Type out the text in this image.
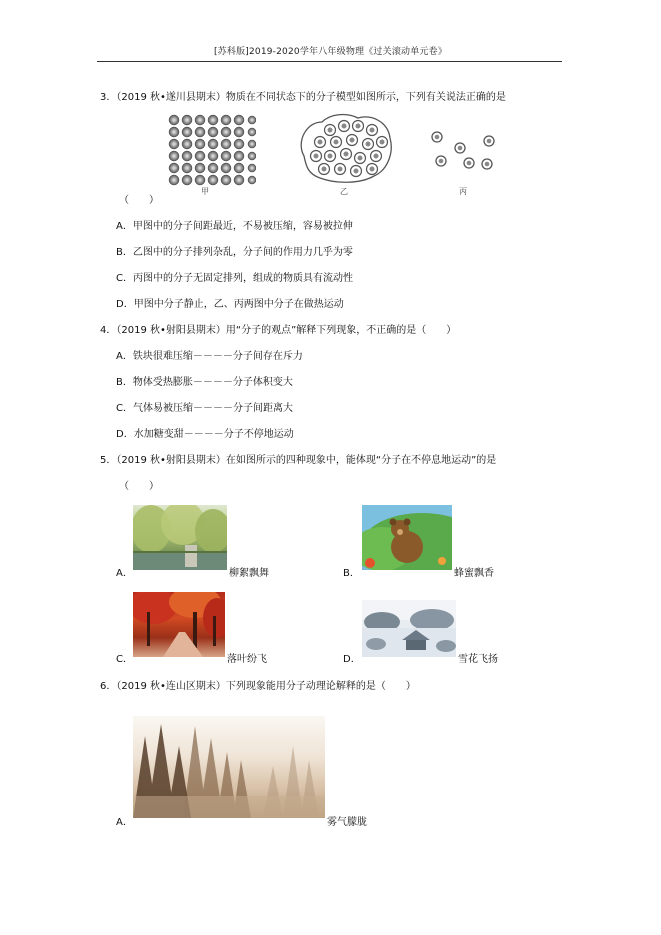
[苏科版]2019-2020学年八年级物理《过关滚动单元卷》
3．（2019 秋•遂川县期末）物质在不同状态下的分子模型如图所示，下列有关说法正确的是
甲	乙	丙
（　　）
A．甲图中的分子间距最近，不易被压缩，容易被拉伸
B．乙图中的分子排列杂乱，分子间的作用力几乎为零
C．丙图中的分子无固定排列，组成的物质具有流动性
D．甲图中分子静止，乙、丙两图中分子在做热运动
4．（2019 秋•射阳县期末）用“分子的观点”解释下列现象，不正确的是（　　）
A．铁块很难压缩－－－－分子间存在斥力
B．物体受热膨胀－－－－分子体积变大
C．气体易被压缩－－－－分子间距离大
D．水加糖变甜－－－－分子不停地运动
5．（2019 秋•射阳县期末）在如图所示的四种现象中，能体现“分子在不停息地运动”的是
（　　）
A．	柳絮飘舞	B．	蜂蜜飘香
C．	落叶纷飞	D．	雪花飞扬
6．（2019 秋•连山区期末）下列现象能用分子动理论解释的是（　　）
A．	雾气朦胧
